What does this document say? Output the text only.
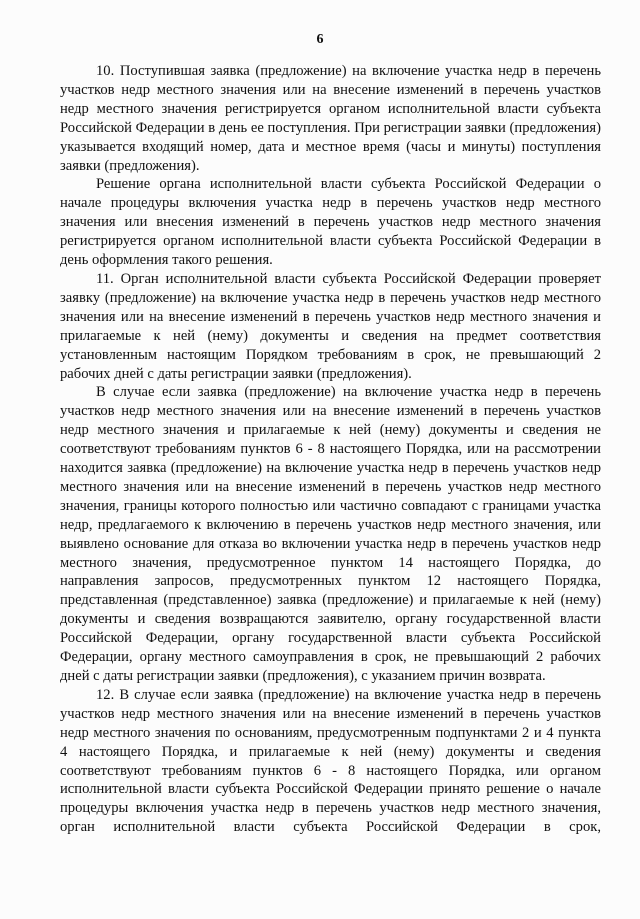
6

10. Поступившая заявка (предложение) на включение участка недр в перечень участков недр местного значения или на внесение изменений в перечень участков недр местного значения регистрируется органом исполнительной власти субъекта Российской Федерации в день ее поступления. При регистрации заявки (предложения) указывается входящий номер, дата и местное время (часы и минуты) поступления заявки (предложения).

Решение органа исполнительной власти субъекта Российской Федерации о начале процедуры включения участка недр в перечень участков недр местного значения или внесения изменений в перечень участков недр местного значения регистрируется органом исполнительной власти субъекта Российской Федерации в день оформления такого решения.

11. Орган исполнительной власти субъекта Российской Федерации проверяет заявку (предложение) на включение участка недр в перечень участков недр местного значения или на внесение изменений в перечень участков недр местного значения и прилагаемые к ней (нему) документы и сведения на предмет соответствия установленным настоящим Порядком требованиям в срок, не превышающий 2 рабочих дней с даты регистрации заявки (предложения).

В случае если заявка (предложение) на включение участка недр в перечень участков недр местного значения или на внесение изменений в перечень участков недр местного значения и прилагаемые к ней (нему) документы и сведения не соответствуют требованиям пунктов 6 - 8 настоящего Порядка, или на рассмотрении находится заявка (предложение) на включение участка недр в перечень участков недр местного значения или на внесение изменений в перечень участков недр местного значения, границы которого полностью или частично совпадают с границами участка недр, предлагаемого к включению в перечень участков недр местного значения, или выявлено основание для отказа во включении участка недр в перечень участков недр местного значения, предусмотренное пунктом 14 настоящего Порядка, до направления запросов, предусмотренных пунктом 12 настоящего Порядка, представленная (представленное) заявка (предложение) и прилагаемые к ней (нему) документы и сведения возвращаются заявителю, органу государственной власти Российской Федерации, органу государственной власти субъекта Российской Федерации, органу местного самоуправления в срок, не превышающий 2 рабочих дней с даты регистрации заявки (предложения), с указанием причин возврата.

12. В случае если заявка (предложение) на включение участка недр в перечень участков недр местного значения или на внесение изменений в перечень участков недр местного значения по основаниям, предусмотренным подпунктами 2 и 4 пункта 4 настоящего Порядка, и прилагаемые к ней (нему) документы и сведения соответствуют требованиям пунктов 6 - 8 настоящего Порядка, или органом исполнительной власти субъекта Российской Федерации принято решение о начале процедуры включения участка недр в перечень участков недр местного значения, орган исполнительной власти субъекта Российской Федерации в срок,
